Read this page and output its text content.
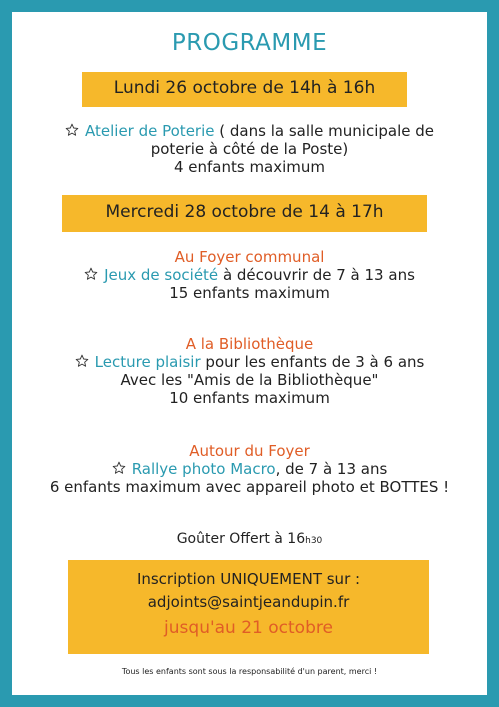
PROGRAMME
Lundi 26 octobre de 14h à 16h
Atelier de Poterie ( dans la salle municipale de
poterie à côté de la Poste)
4 enfants maximum
Mercredi 28 octobre de 14 à 17h
Au Foyer communal
Jeux de société à découvrir de 7 à 13 ans
15 enfants maximum
A la Bibliothèque
Lecture plaisir pour les enfants de 3 à 6 ans
Avec les "Amis de la Bibliothèque"
10 enfants maximum
Autour du Foyer
Rallye photo Macro, de 7 à 13 ans
6 enfants maximum avec appareil photo et BOTTES !
Goûter Offert à 16h30
Inscription UNIQUEMENT sur :
adjoints@saintjeandupin.fr
jusqu'au 21 octobre
Tous les enfants sont sous la responsabilité d'un parent, merci !
